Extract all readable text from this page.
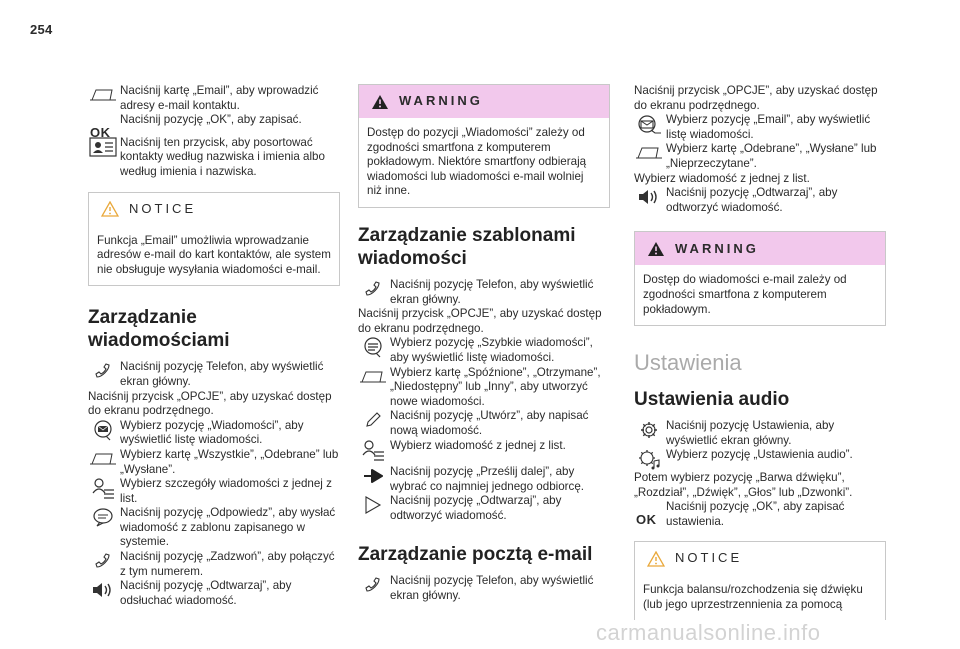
254
Naciśnij kartę „Email”, aby wprowadzić adresy e-mail kontaktu.
OK
Naciśnij pozycję „OK”, aby zapisać.
Naciśnij ten przycisk, aby posortować kontakty według nazwiska i imienia albo według imienia i nazwiska.
NOTICE
Funkcja „Email” umożliwia wprowadzanie adresów e-mail do kart kontaktów, ale system nie obsługuje wysyłania wiadomości e-mail.
Zarządzanie wiadomościami
Naciśnij pozycję Telefon, aby wyświetlić ekran główny.

Naciśnij przycisk „OPCJE”, aby uzyskać dostęp do ekranu podrzędnego.

Wybierz pozycję „Wiadomości”, aby wyświetlić listę wiadomości.
Wybierz kartę „Wszystkie”, „Odebrane” lub „Wysłane”.
Wybierz szczegóły wiadomości z jednej z list.
Naciśnij pozycję „Odpowiedz”, aby wysłać wiadomość z zablonu zapisanego w systemie.
Naciśnij pozycję „Zadzwoń”, aby połączyć z tym numerem.
Naciśnij pozycję „Odtwarzaj”, aby odsłuchać wiadomość.
WARNING
Dostęp do pozycji „Wiadomości” zależy od zgodności smartfona z komputerem pokładowym. Niektóre smartfony odbierają wiadomości lub wiadomości e-mail wolniej niż inne.
Zarządzanie szablonami wiadomości
Naciśnij pozycję Telefon, aby wyświetlić ekran główny.

Naciśnij przycisk „OPCJE”, aby uzyskać dostęp do ekranu podrzędnego.

Wybierz pozycję „Szybkie wiadomości”, aby wyświetlić listę wiadomości.
Wybierz kartę „Spóźnione”, „Otrzymane”, „Niedostępny” lub „Inny”, aby utworzyć nowe wiadomości.
Naciśnij pozycję „Utwórz”, aby napisać nową wiadomość.
Wybierz wiadomość z jednej z list.
Naciśnij pozycję „Prześlij dalej”, aby wybrać co najmniej jednego odbiorcę.
Naciśnij pozycję „Odtwarzaj”, aby odtworzyć wiadomość.
Zarządzanie pocztą e-mail
Naciśnij pozycję Telefon, aby wyświetlić ekran główny.

Naciśnij przycisk „OPCJE”, aby uzyskać dostęp do ekranu podrzędnego.

Wybierz pozycję „Email”, aby wyświetlić listę wiadomości.
Wybierz kartę „Odebrane”, „Wysłane” lub „Nieprzeczytane”.

Wybierz wiadomość z jednej z list.

Naciśnij pozycję „Odtwarzaj”, aby odtworzyć wiadomość.
WARNING
Dostęp do wiadomości e-mail zależy od zgodności smartfona z komputerem pokładowym.
Ustawienia
Ustawienia audio
Naciśnij pozycję Ustawienia, aby wyświetlić ekran główny.
Wybierz pozycję „Ustawienia audio”.

Potem wybierz pozycję „Barwa dźwięku”, „Rozdział”, „Dźwięk”, „Głos” lub „Dzwonki”.

OK
Naciśnij pozycję „OK”, aby zapisać ustawienia.
NOTICE
Funkcja balansu/rozchodzenia się dźwięku (lub jego uprzestrzennienia za pomocą
carmanualsonline.info
